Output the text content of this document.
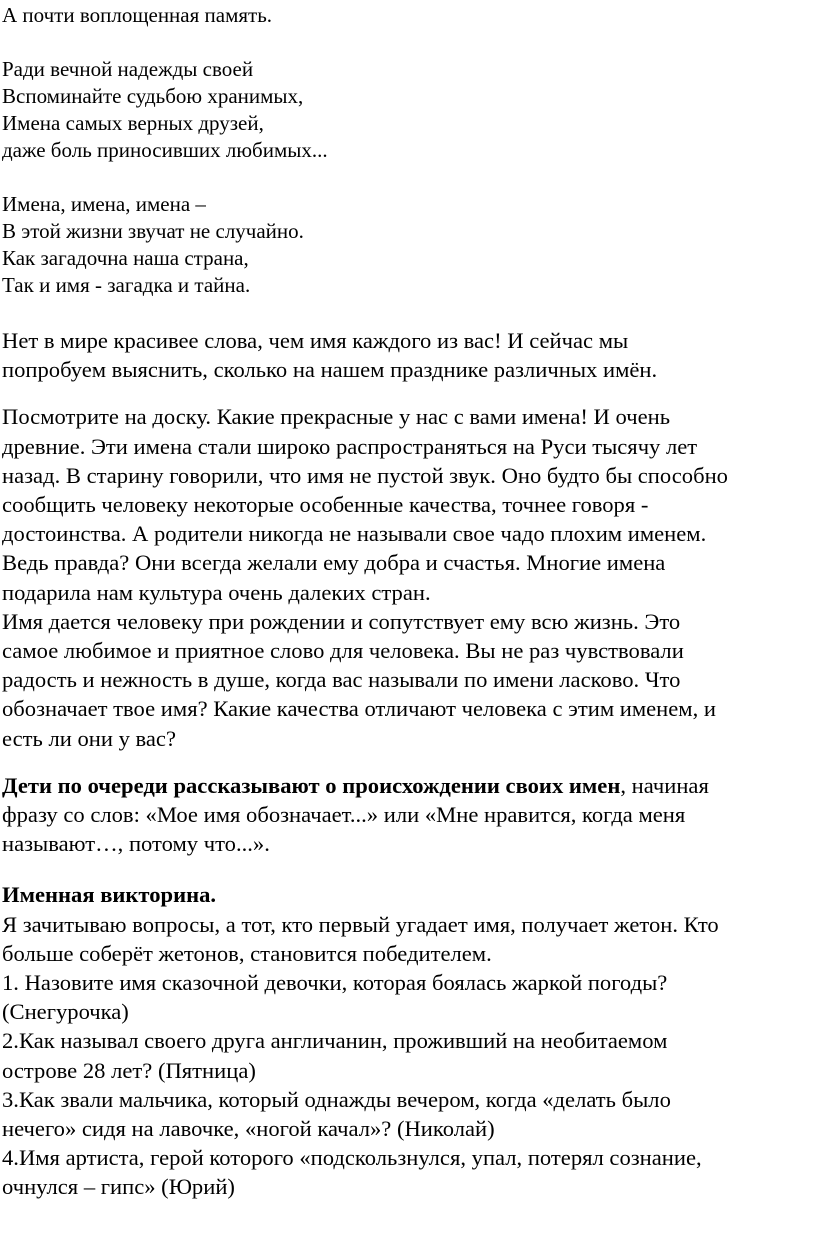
А почти воплощенная память.
Ради вечной надежды своей
Вспоминайте судьбою хранимых,
Имена самых верных друзей,
даже боль приносивших любимых...
Имена, имена, имена –
В этой жизни звучат не случайно.
Как загадочна наша страна,
Так и имя - загадка и тайна.
Нет в мире красивее слова, чем имя каждого из вас! И сейчас мы
попробуем выяснить, сколько на нашем празднике различных имён.
Посмотрите на доску. Какие прекрасные у нас с вами имена! И очень
древние. Эти имена стали широко распространяться на Руси тысячу лет
назад. В старину говорили, что имя не пустой звук. Оно будто бы способно
сообщить человеку некоторые особенные качества, точнее говоря -
достоинства. А родители никогда не называли свое чадо плохим именем.
Ведь правда? Они всегда желали ему добра и счастья. Многие имена
подарила нам культура очень далеких стран.
Имя дается человеку при рождении и сопутствует ему всю жизнь. Это
самое любимое и приятное слово для человека. Вы не раз чувствовали
радость и нежность в душе, когда вас называли по имени ласково. Что
обозначает твое имя? Какие качества отличают человека с этим именем, и
есть ли они у вас?
Дети по очереди рассказывают о происхождении своих имен, начиная
фразу со слов: «Мое имя обозначает...» или «Мне нравится, когда меня
называют…, потому что...».
Именная викторина.
Я зачитываю вопросы, а тот, кто первый угадает имя, получает жетон. Кто
больше соберёт жетонов, становится победителем.
1. Назовите имя сказочной девочки, которая боялась жаркой погоды?
(Снегурочка)
2.Как называл своего друга англичанин, проживший на необитаемом
острове 28 лет? (Пятница)
3.Как звали мальчика, который однажды вечером, когда «делать было
нечего» сидя на лавочке, «ногой качал»? (Николай)
4.Имя артиста, герой которого «подскользнулся, упал, потерял сознание,
очнулся – гипс» (Юрий)
